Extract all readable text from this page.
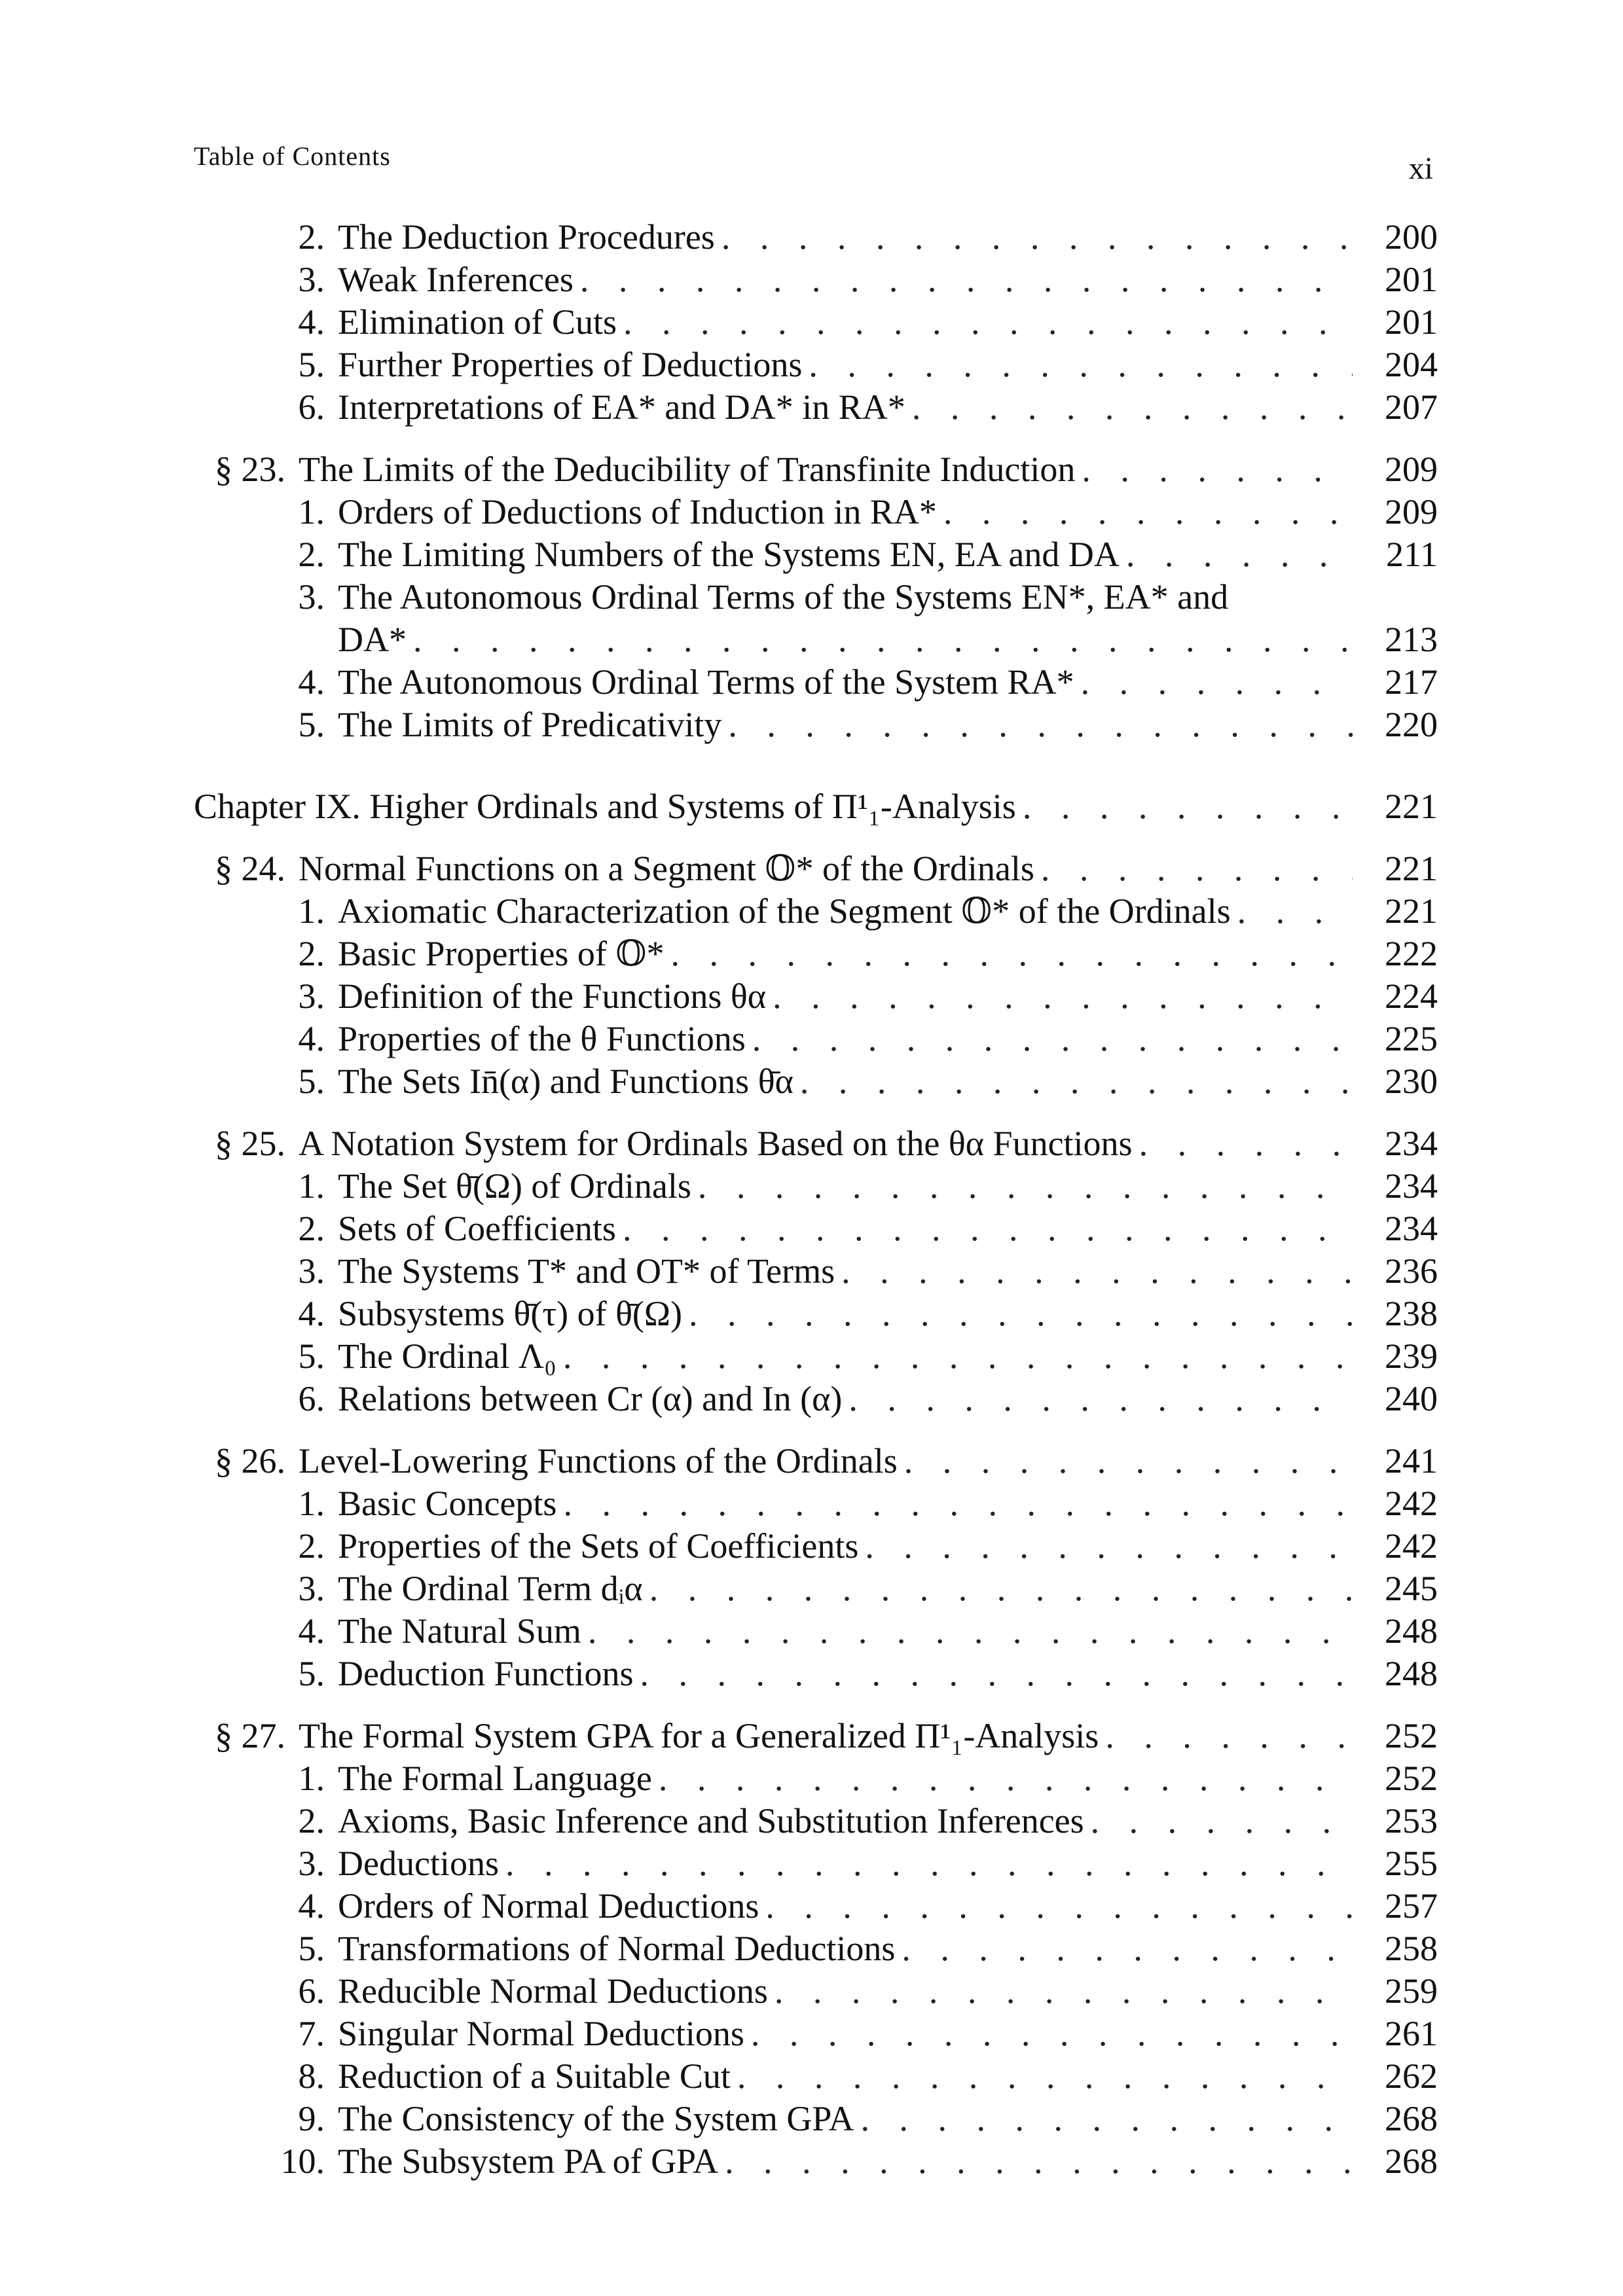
Table of Contents	xi
2. The Deduction Procedures . . .	200
3. Weak Inferences . . .	201
4. Elimination of Cuts . . .	201
5. Further Properties of Deductions . . .	204
6. Interpretations of EA* and DA* in RA* . . .	207
§ 23. The Limits of the Deducibility of Transfinite Induction . . .	209
1. Orders of Deductions of Induction in RA* . . .	209
2. The Limiting Numbers of the Systems EN, EA and DA . . .	211
3. The Autonomous Ordinal Terms of the Systems EN*, EA* and
DA* . . .	213
4. The Autonomous Ordinal Terms of the System RA* . . .	217
5. The Limits of Predicativity . . .	220
Chapter IX. Higher Ordinals and Systems of Π¹₁-Analysis . . .	221
§ 24. Normal Functions on a Segment 𝕆* of the Ordinals . . .	221
1. Axiomatic Characterization of the Segment 𝕆* of the Ordinals . . .	221
2. Basic Properties of 𝕆* . . .	222
3. Definition of the Functions θα . . .	224
4. Properties of the θ Functions . . .	225
5. The Sets In̄(α) and Functions θ̄α . . .	230
§ 25. A Notation System for Ordinals Based on the θα Functions . . .	234
1. The Set θ̄(Ω) of Ordinals . . .	234
2. Sets of Coefficients . . .	234
3. The Systems T* and OT* of Terms . . .	236
4. Subsystems θ̄(τ) of θ̄(Ω) . . .	238
5. The Ordinal Λ₀ . . .	239
6. Relations between Cr (α) and In (α) . . .	240
§ 26. Level-Lowering Functions of the Ordinals . . .	241
1. Basic Concepts . . .	242
2. Properties of the Sets of Coefficients . . .	242
3. The Ordinal Term dᵢα . . .	245
4. The Natural Sum . . .	248
5. Deduction Functions . . .	248
§ 27. The Formal System GPA for a Generalized Π¹₁-Analysis . . .	252
1. The Formal Language . . .	252
2. Axioms, Basic Inference and Substitution Inferences . . .	253
3. Deductions . . .	255
4. Orders of Normal Deductions . . .	257
5. Transformations of Normal Deductions . . .	258
6. Reducible Normal Deductions . . .	259
7. Singular Normal Deductions . . .	261
8. Reduction of a Suitable Cut . . .	262
9. The Consistency of the System GPA . . .	268
10. The Subsystem PA of GPA . . .	268
